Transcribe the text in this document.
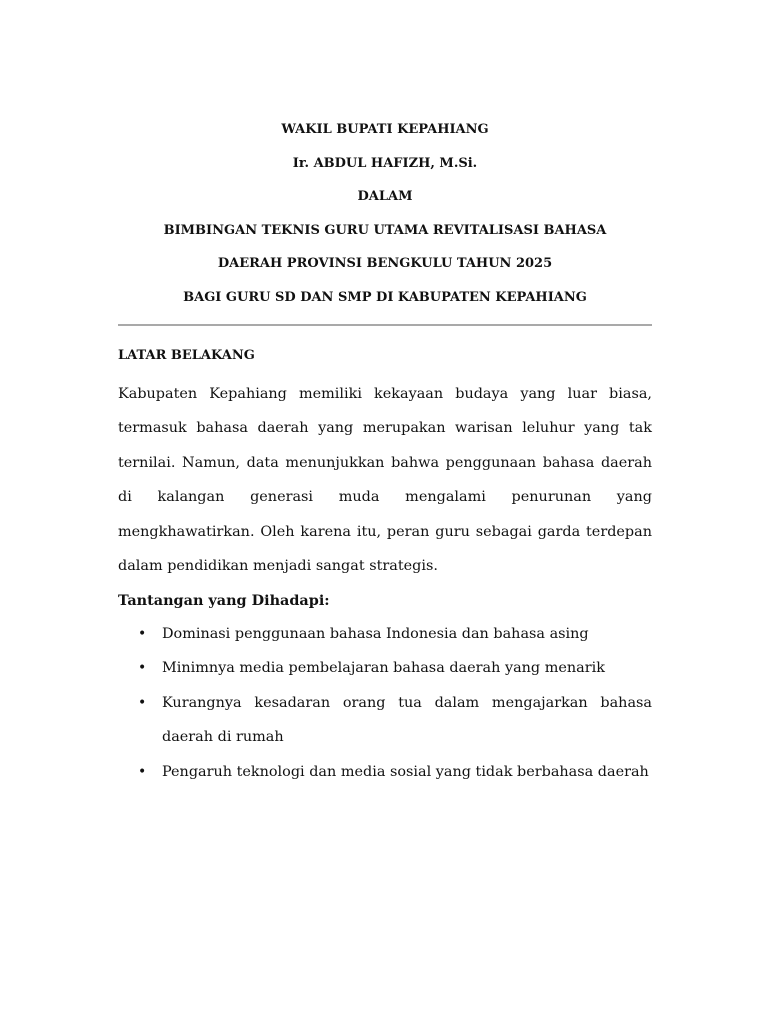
WAKIL BUPATI KEPAHIANG
Ir. ABDUL HAFIZH, M.Si.
DALAM
BIMBINGAN TEKNIS GURU UTAMA REVITALISASI BAHASA
DAERAH PROVINSI BENGKULU TAHUN 2025
BAGI GURU SD DAN SMP DI KABUPATEN KEPAHIANG
LATAR BELAKANG

Kabupaten Kepahiang memiliki kekayaan budaya yang luar biasa, termasuk bahasa daerah yang merupakan warisan leluhur yang tak ternilai. Namun, data menunjukkan bahwa penggunaan bahasa daerah di kalangan generasi muda mengalami penurunan yang mengkhawatirkan. Oleh karena itu, peran guru sebagai garda terdepan dalam pendidikan menjadi sangat strategis.

Tantangan yang Dihadapi:
• Dominasi penggunaan bahasa Indonesia dan bahasa asing
• Minimnya media pembelajaran bahasa daerah yang menarik
• Kurangnya kesadaran orang tua dalam mengajarkan bahasa daerah di rumah
• Pengaruh teknologi dan media sosial yang tidak berbahasa daerah
